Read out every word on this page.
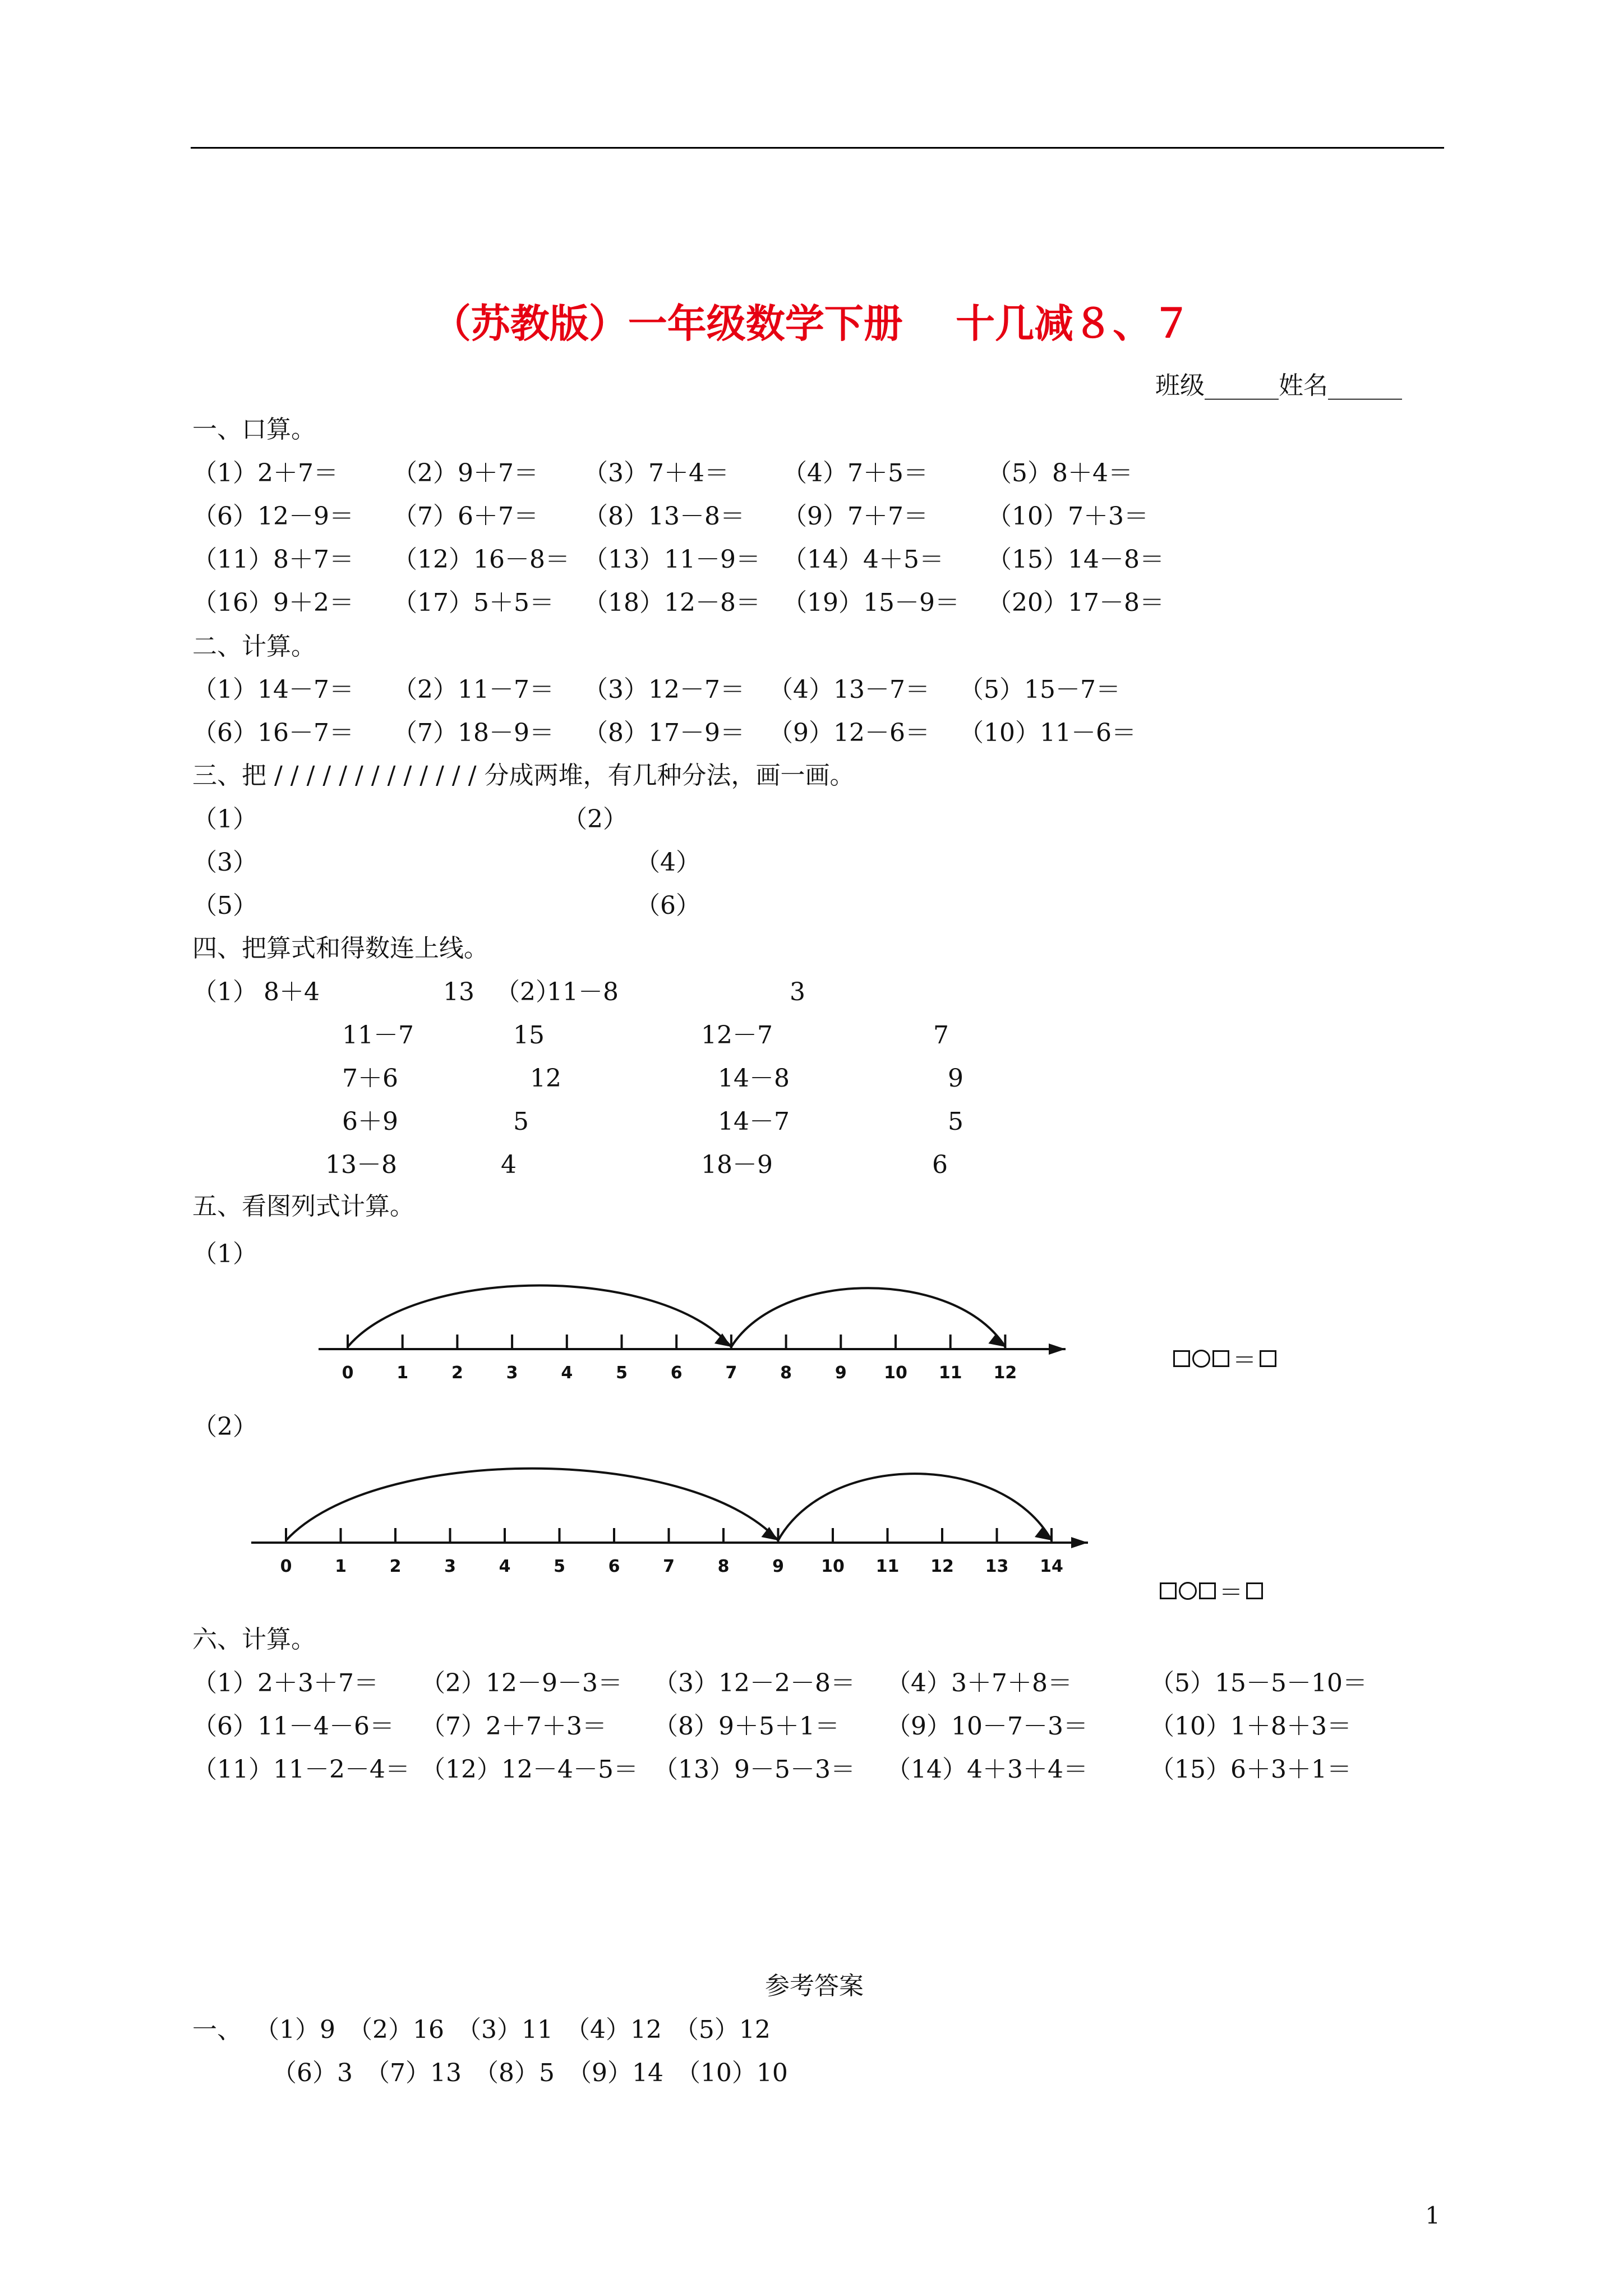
（苏教版）一年级数学下册　 十几减８、７
班级______姓名______
一、口算。
（1）2＋7＝ （2）9＋7＝ （3）7＋4＝ （4）7＋5＝ （5）8＋4＝
（6）12－9＝ （7）6＋7＝ （8）13－8＝ （9）7＋7＝ （10）7＋3＝
（11）8＋7＝ （12）16－8＝ （13）11－9＝ （14）4＋5＝ （15）14－8＝
（16）9＋2＝ （17）5＋5＝ （18）12－8＝ （19）15－9＝ （20）17－8＝
二、计算。
（1）14－7＝ （2）11－7＝ （3）12－7＝ （4）13－7＝ （5）15－7＝
（6）16－7＝ （7）18－9＝ （8）17－9＝ （9）12－6＝ （10）11－6＝
三、把 / / / / / / / / / / / / / 分成两堆，有几种分法，画一画。
（1）	（2）
（3）	（4）
（5）	（6）
四、把算式和得数连上线。
（1）	（2）
8＋4	13	11－8	3
11－7	15	12－7	7
7＋6	12	14－8	9
6＋9	5	14－7	5
13－8	4	18－9	6
五、看图列式计算。
（1）
0	1	2	3	4	5	6	7	8	9 10 11 12	＝
（2）
0	1	2	3	4	5	6	7	8	9 10 11 12 13 14
＝
六、计算。
（1）2＋3＋7＝ （2）12－9－3＝ （3）12－2－8＝ （4）3＋7＋8＝	（5）15－5－10＝
（6）11－4－6＝ （7）2＋7＋3＝ （8）9＋5＋1＝ （9）10－7－3＝	（10）1＋8＋3＝
（11）11－2－4＝ （12）12－4－5＝ （13）9－5－3＝ （14）4＋3＋4＝	（15）6＋3＋1＝
参考答案
一、 （1）9　（2）16　（3）11　（4）12　（5）12
（6）3　（7）13　（8）5　（9）14　（10）10
1
